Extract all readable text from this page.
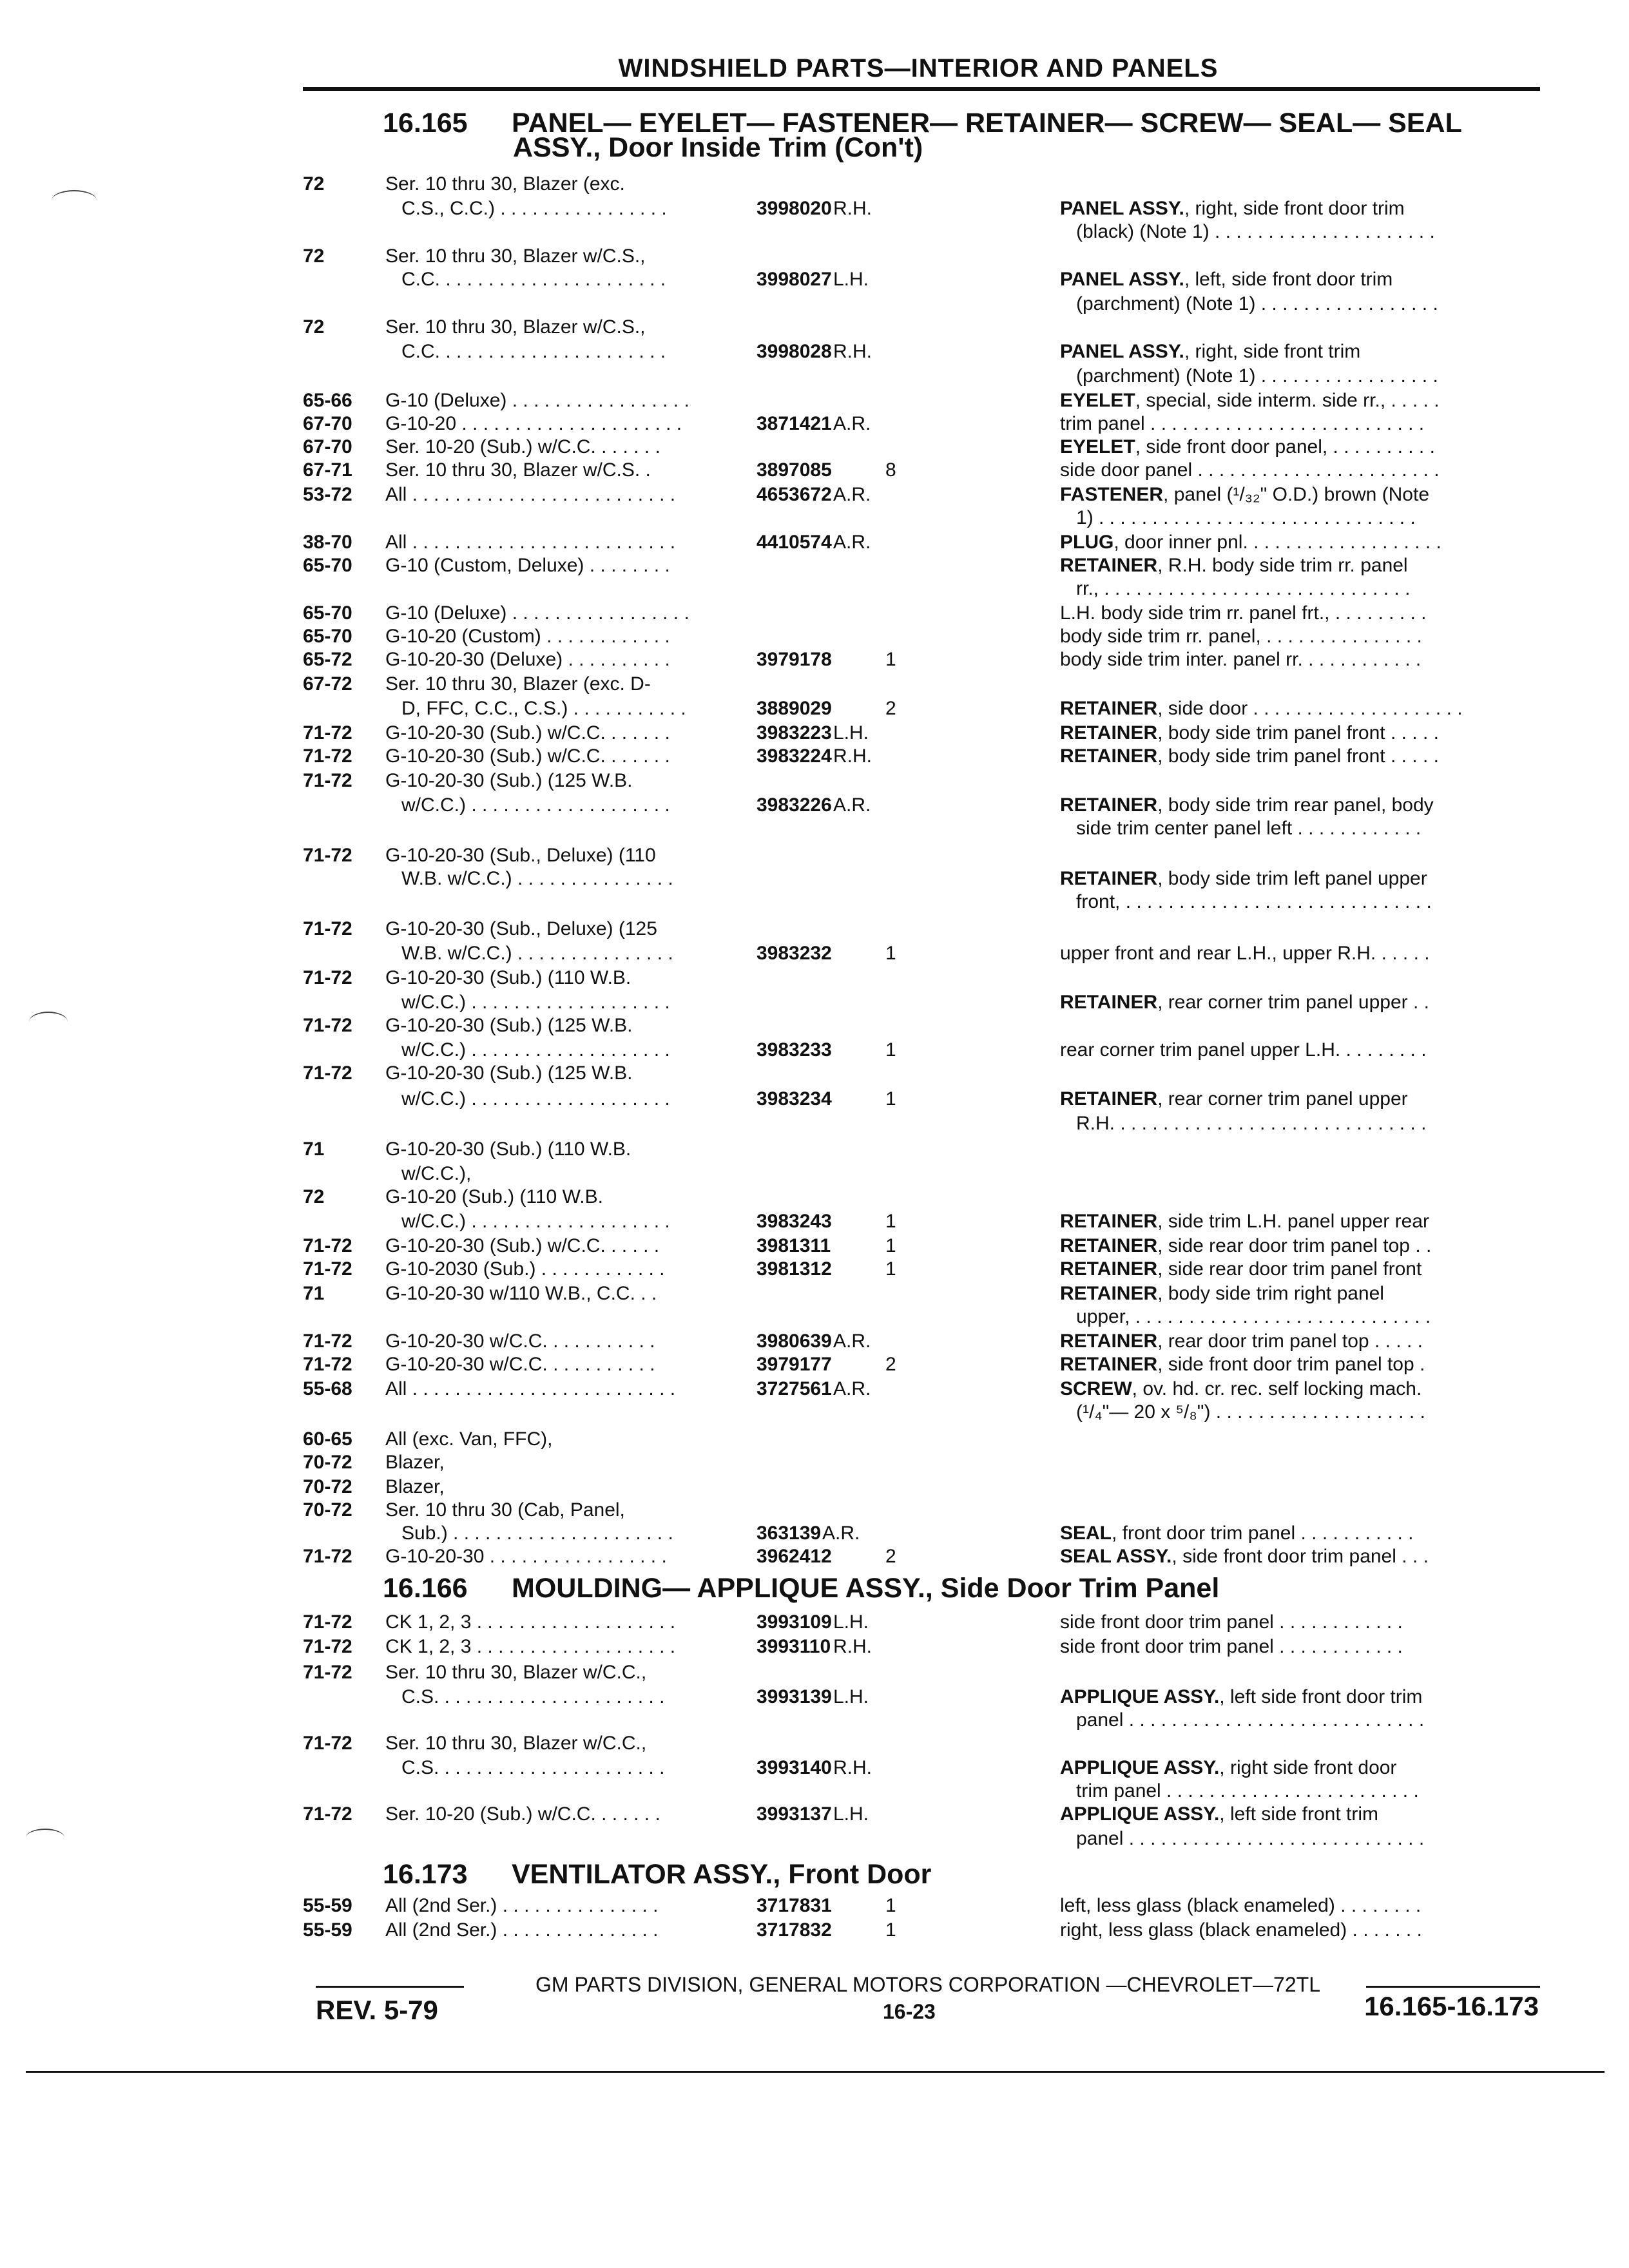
WINDSHIELD PARTS—INTERIOR AND PANELS
16.165 PANEL— EYELET— FASTENER— RETAINER— SCREW— SEAL— SEAL
ASSY., Door Inside Trim (Con't)
16.166 MOULDING— APPLIQUE ASSY., Side Door Trim Panel
16.173 VENTILATOR ASSY., Front Door
72	Ser. 10 thru 30, Blazer (exc.
C.S., C.C.) . . . . . . . . . . . . . . . .	3998020 R.H.	PANEL ASSY., right, side front door trim
(black) (Note 1) . . . . . . . . . . . . . . . . . . . . .
72	Ser. 10 thru 30, Blazer w/C.S.,
C.C. . . . . . . . . . . . . . . . . . . . . .	3998027 L.H.	PANEL ASSY., left, side front door trim
(parchment) (Note 1) . . . . . . . . . . . . . . . . .
72	Ser. 10 thru 30, Blazer w/C.S.,
C.C. . . . . . . . . . . . . . . . . . . . . .	3998028 R.H.	PANEL ASSY., right, side front trim
(parchment) (Note 1) . . . . . . . . . . . . . . . . .
65-66	G-10 (Deluxe) . . . . . . . . . . . . . . . . .	EYELET, special, side interm. side rr., . . . . .
67-70	G-10-20 . . . . . . . . . . . . . . . . . . . . .	3871421 A.R.	trim panel . . . . . . . . . . . . . . . . . . . . . . . . . .
67-70	Ser. 10-20 (Sub.) w/C.C. . . . . . .	EYELET, side front door panel, . . . . . . . . . .
67-71	Ser. 10 thru 30, Blazer w/C.S. .	3897085	8	side door panel . . . . . . . . . . . . . . . . . . . . . . .
53-72	All . . . . . . . . . . . . . . . . . . . . . . . . .	4653672 A.R.	FASTENER, panel (¹/₃₂" O.D.) brown (Note
1) . . . . . . . . . . . . . . . . . . . . . . . . . . . . . .
38-70	All . . . . . . . . . . . . . . . . . . . . . . . . .	4410574 A.R.	PLUG, door inner pnl. . . . . . . . . . . . . . . . . . .
65-70	G-10 (Custom, Deluxe) . . . . . . . .	RETAINER, R.H. body side trim rr. panel
rr., . . . . . . . . . . . . . . . . . . . . . . . . . . . . .
65-70	G-10 (Deluxe) . . . . . . . . . . . . . . . . .	L.H. body side trim rr. panel frt., . . . . . . . . .
65-70	G-10-20 (Custom) . . . . . . . . . . . .	body side trim rr. panel, . . . . . . . . . . . . . . .
65-72	G-10-20-30 (Deluxe) . . . . . . . . . .	3979178	1	body side trim inter. panel rr. . . . . . . . . . . .
67-72	Ser. 10 thru 30, Blazer (exc. D-
D, FFC, C.C., C.S.) . . . . . . . . . . .	3889029	2	RETAINER, side door . . . . . . . . . . . . . . . . . . . .
71-72	G-10-20-30 (Sub.) w/C.C. . . . . . .	3983223 L.H.	RETAINER, body side trim panel front . . . . .
71-72	G-10-20-30 (Sub.) w/C.C. . . . . . .	3983224 R.H.	RETAINER, body side trim panel front . . . . .
71-72	G-10-20-30 (Sub.) (125 W.B.
w/C.C.) . . . . . . . . . . . . . . . . . . .	3983226 A.R.	RETAINER, body side trim rear panel, body
side trim center panel left . . . . . . . . . . . .
71-72	G-10-20-30 (Sub., Deluxe) (110
W.B. w/C.C.) . . . . . . . . . . . . . . .	RETAINER, body side trim left panel upper
front, . . . . . . . . . . . . . . . . . . . . . . . . . . . . .
71-72	G-10-20-30 (Sub., Deluxe) (125
W.B. w/C.C.) . . . . . . . . . . . . . . .	3983232	1	upper front and rear L.H., upper R.H. . . . . .
71-72	G-10-20-30 (Sub.) (110 W.B.
w/C.C.) . . . . . . . . . . . . . . . . . . .	RETAINER, rear corner trim panel upper . .
71-72	G-10-20-30 (Sub.) (125 W.B.
w/C.C.) . . . . . . . . . . . . . . . . . . .	3983233	1	rear corner trim panel upper L.H. . . . . . . . .
71-72	G-10-20-30 (Sub.) (125 W.B.
w/C.C.) . . . . . . . . . . . . . . . . . . .	3983234	1	RETAINER, rear corner trim panel upper
R.H. . . . . . . . . . . . . . . . . . . . . . . . . . . . . .
71	G-10-20-30 (Sub.) (110 W.B.
w/C.C.),
72	G-10-20 (Sub.) (110 W.B.
w/C.C.) . . . . . . . . . . . . . . . . . . .	3983243	1	RETAINER, side trim L.H. panel upper rear
71-72	G-10-20-30 (Sub.) w/C.C. . . . . .	3981311	1	RETAINER, side rear door trim panel top . .
71-72	G-10-2030 (Sub.) . . . . . . . . . . . .	3981312	1	RETAINER, side rear door trim panel front
71	G-10-20-30 w/110 W.B., C.C. . .	RETAINER, body side trim right panel
upper, . . . . . . . . . . . . . . . . . . . . . . . . . . . .
71-72	G-10-20-30 w/C.C. . . . . . . . . . .	3980639 A.R.	RETAINER, rear door trim panel top . . . . .
71-72	G-10-20-30 w/C.C. . . . . . . . . . .	3979177	2	RETAINER, side front door trim panel top .
55-68	All . . . . . . . . . . . . . . . . . . . . . . . . .	3727561 A.R.	SCREW, ov. hd. cr. rec. self locking mach.
(¹/₄"— 20 x ⁵/₈") . . . . . . . . . . . . . . . . . . . .
60-65	All (exc. Van, FFC),
70-72	Blazer,
70-72	Blazer,
70-72	Ser. 10 thru 30 (Cab, Panel,
Sub.) . . . . . . . . . . . . . . . . . . . . .	363139 A.R.	SEAL, front door trim panel . . . . . . . . . . .
71-72	G-10-20-30 . . . . . . . . . . . . . . . . .	3962412	2	SEAL ASSY., side front door trim panel . . .
71-72	CK 1, 2, 3 . . . . . . . . . . . . . . . . . . .	3993109 L.H.	side front door trim panel . . . . . . . . . . . .
71-72	CK 1, 2, 3 . . . . . . . . . . . . . . . . . . .	3993110 R.H.	side front door trim panel . . . . . . . . . . . .
71-72	Ser. 10 thru 30, Blazer w/C.C.,
C.S. . . . . . . . . . . . . . . . . . . . . .	3993139 L.H.	APPLIQUE ASSY., left side front door trim
panel . . . . . . . . . . . . . . . . . . . . . . . . . . . .
71-72	Ser. 10 thru 30, Blazer w/C.C.,
C.S. . . . . . . . . . . . . . . . . . . . . .	3993140 R.H.	APPLIQUE ASSY., right side front door
trim panel . . . . . . . . . . . . . . . . . . . . . . . .
71-72	Ser. 10-20 (Sub.) w/C.C. . . . . . .	3993137 L.H.	APPLIQUE ASSY., left side front trim
panel . . . . . . . . . . . . . . . . . . . . . . . . . . . .
55-59	All (2nd Ser.) . . . . . . . . . . . . . . .	3717831	1	left, less glass (black enameled) . . . . . . . .
55-59	All (2nd Ser.) . . . . . . . . . . . . . . .	3717832	1	right, less glass (black enameled) . . . . . . .
GM PARTS DIVISION, GENERAL MOTORS CORPORATION —CHEVROLET—72TL
REV. 5-79	16-23	16.165-16.173
